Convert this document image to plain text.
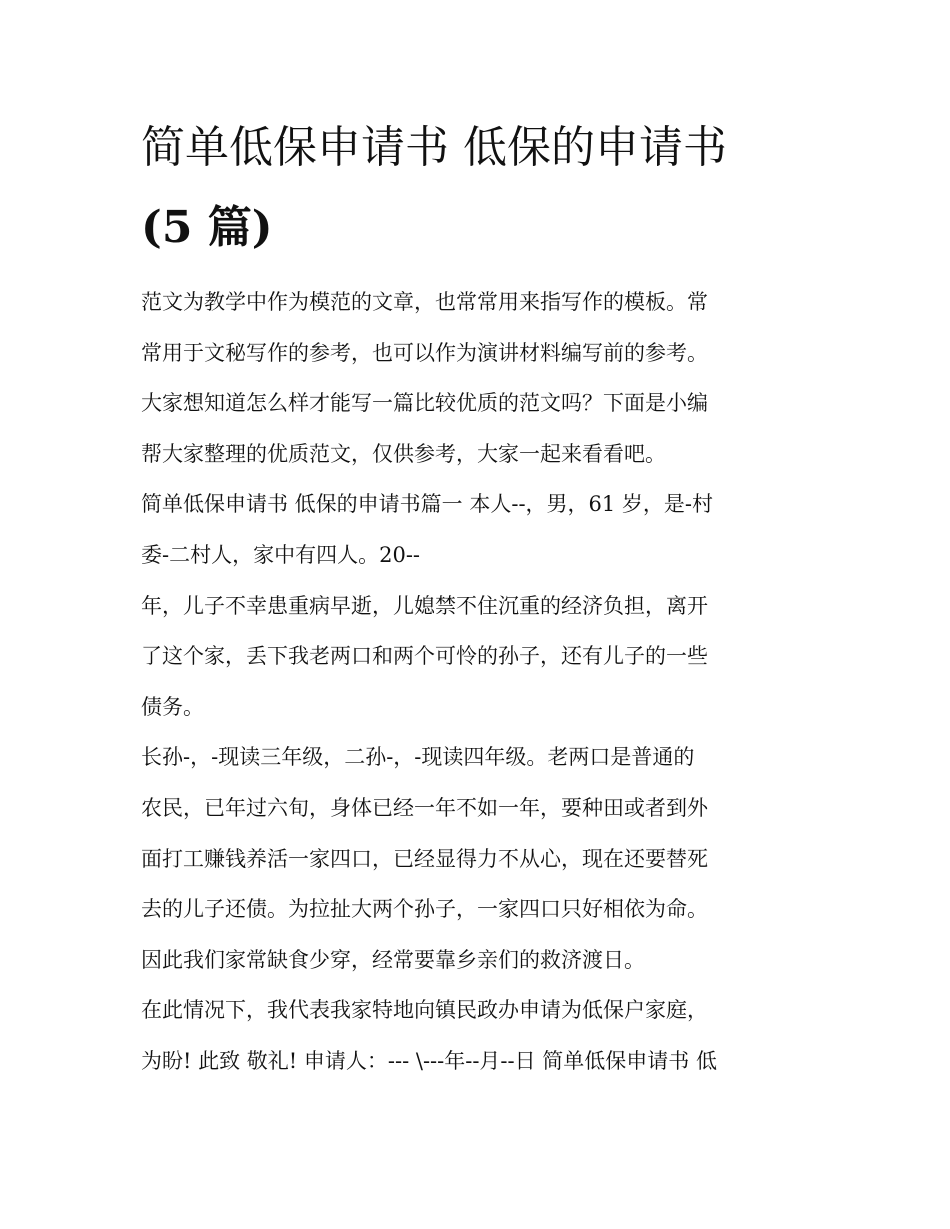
简单低保申请书 低保的申请书
(5 篇)
范文为教学中作为模范的文章，也常常用来指写作的模板。常
常用于文秘写作的参考，也可以作为演讲材料编写前的参考。
大家想知道怎么样才能写一篇比较优质的范文吗？下面是小编
帮大家整理的优质范文，仅供参考，大家一起来看看吧。
简单低保申请书 低保的申请书篇一 本人--，男，61 岁，是-村
委-二村人，家中有四人。20--
年，儿子不幸患重病早逝，儿媳禁不住沉重的经济负担，离开
了这个家，丢下我老两口和两个可怜的孙子，还有儿子的一些
债务。
长孙-，-现读三年级，二孙-，-现读四年级。老两口是普通的
农民，已年过六旬，身体已经一年不如一年，要种田或者到外
面打工赚钱养活一家四口，已经显得力不从心，现在还要替死
去的儿子还债。为拉扯大两个孙子，一家四口只好相依为命。
因此我们家常缺食少穿，经常要靠乡亲们的救济渡日。
在此情况下，我代表我家特地向镇民政办申请为低保户家庭，
为盼! 此致 敬礼! 申请人：--- \---年--月--日 简单低保申请书 低
